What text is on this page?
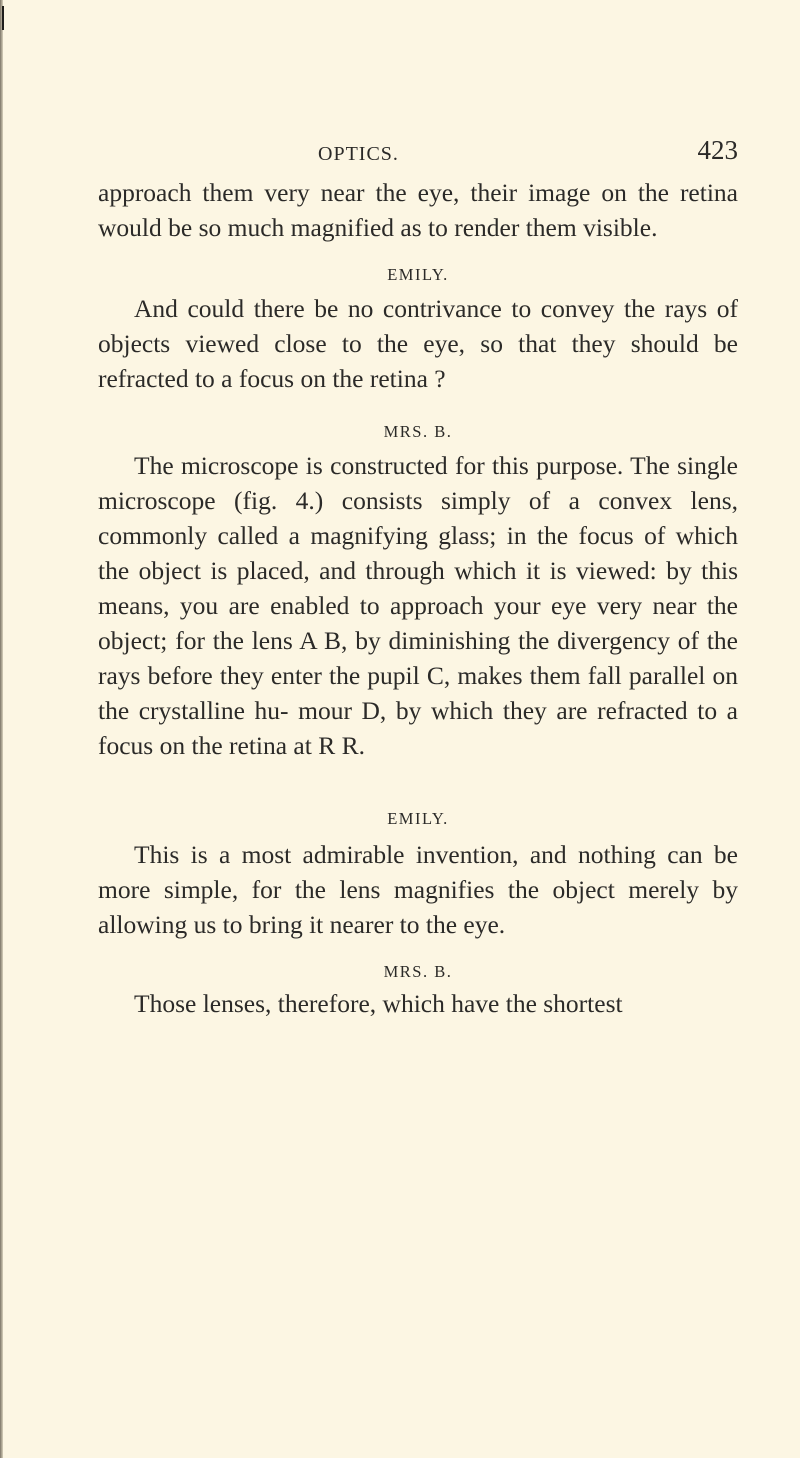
OPTICS.	423

approach them very near the eye, their image on the retina would be so much magnified as to render them visible.

EMILY.

And could there be no contrivance to convey the rays of objects viewed close to the eye, so that they should be refracted to a focus on the retina ?

MRS. B.

The microscope is constructed for this purpose. The single microscope (fig. 4.) consists simply of a convex lens, commonly called a magnifying glass; in the focus of which the object is placed, and through which it is viewed: by this means, you are enabled to approach your eye very near the object; for the lens A B, by diminishing the divergency of the rays before they enter the pupil C, makes them fall parallel on the crystalline hu- mour D, by which they are refracted to a focus on the retina at R R.

EMILY.

This is a most admirable invention, and nothing can be more simple, for the lens magnifies the object merely by allowing us to bring it nearer to the eye.

MRS. B.

Those lenses, therefore, which have the shortest
